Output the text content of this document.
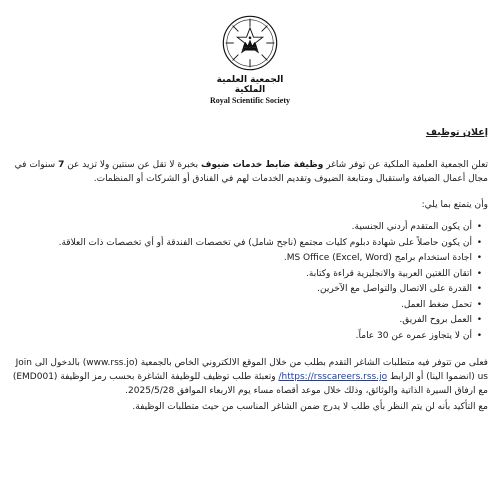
الجمعية العلمية الملكية
Royal Scientific Society
إعلان توظيف

تعلن الجمعية العلمية الملكية عن توفر شاغر وظيفة ضابط خدمات ضيوف بخبرة لا تقل عن سنتين ولا تزيد عن 7 سنوات في مجال أعمال الضيافة واستقبال ومتابعة الضيوف وتقديم الخدمات لهم في الفنادق أو الشركات أو المنظمات.

وأن يتمتع بما يلي:

• أن يكون المتقدم أردني الجنسية.
• أن يكون حاصلاً على شهادة دبلوم كليات مجتمع (ناجح شامل) في تخصصات الفندقة أو أي تخصصات ذات العلاقة.
• اجادة استخدام برامج (MS Office (Excel, Word.
• اتقان اللغتين العربية والانجليزية قراءة وكتابة.
• القدرة على الاتصال والتواصل مع الآخرين.
• تحمل ضغط العمل.
• العمل بروح الفريق.
• أن لا يتجاوز عمره عن 30 عاماً.

فعلى من تتوفر فيه متطلبات الشاغر التقدم بطلب من خلال الموقع الالكتروني الخاص بالجمعية (www.rss.jo) بالدخول الى Join us (انضموا الينا) أو الرابط https://rsscareers.rss.jo/ وتعبئة طلب توظيف للوظيفة الشاغرة بحسب رمز الوظيفة (EMD001) مع ارفاق السيرة الذاتية والوثائق، وذلك خلال موعد أقصاه مساء يوم الاربعاء الموافق 2025/5/28.

مع التأكيد بأنه لن يتم النظر بأي طلب لا يدرج ضمن الشاغر المناسب من حيث متطلبات الوظيفة.
